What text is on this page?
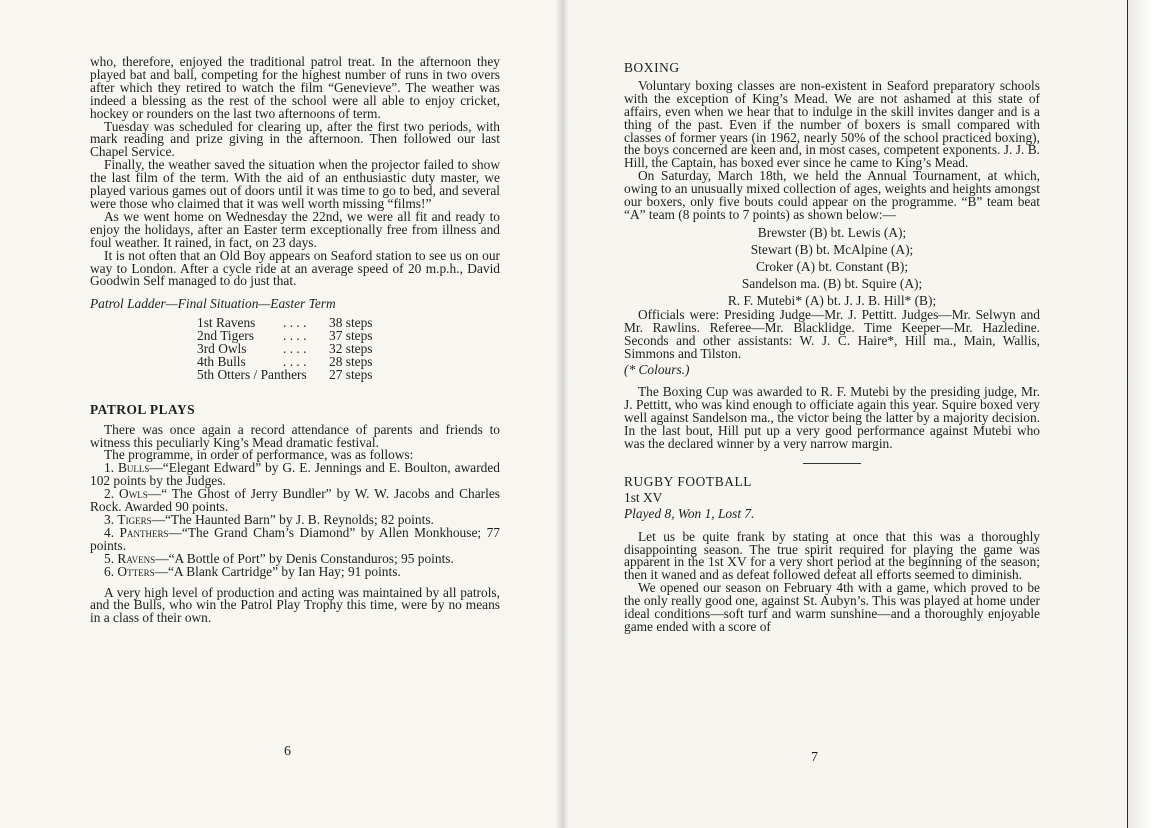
who, therefore, enjoyed the traditional patrol treat. In the afternoon they played bat and ball, competing for the highest number of runs in two overs after which they retired to watch the film “Genevieve”. The weather was indeed a blessing as the rest of the school were all able to enjoy cricket, hockey or rounders on the last two afternoons of term.

Tuesday was scheduled for clearing up, after the first two periods, with mark reading and prize giving in the afternoon. Then followed our last Chapel Service.

Finally, the weather saved the situation when the projector failed to show the last film of the term. With the aid of an enthusiastic duty master, we played various games out of doors until it was time to go to bed, and several were those who claimed that it was well worth missing “films!”

As we went home on Wednesday the 22nd, we were all fit and ready to enjoy the holidays, after an Easter term exceptionally free from illness and foul weather. It rained, in fact, on 23 days.

It is not often that an Old Boy appears on Seaford station to see us on our way to London. After a cycle ride at an average speed of 20 m.p.h., David Goodwin Self managed to do just that.

Patrol Ladder—Final Situation—Easter Term

1st Ravens	. . . .	38 steps
2nd Tigers	. . . .	37 steps
3rd Owls	. . . .	32 steps
4th Bulls	. . . .	28 steps
5th Otters / Panthers		27 steps

PATROL PLAYS

There was once again a record attendance of parents and friends to witness this peculiarly King’s Mead dramatic festival.

The programme, in order of performance, was as follows:

1. Bulls—“Elegant Edward” by G. E. Jennings and E. Boulton, awarded 102 points by the Judges.

2. Owls—“ The Ghost of Jerry Bundler” by W. W. Jacobs and Charles Rock. Awarded 90 points.

3. Tigers—“The Haunted Barn” by J. B. Reynolds; 82 points.

4. Panthers—“The Grand Cham’s Diamond” by Allen Monkhouse; 77 points.

5. Ravens—“A Bottle of Port” by Denis Constanduros; 95 points.

6. Otters—“A Blank Cartridge” by Ian Hay; 91 points.

A very high level of production and acting was maintained by all patrols, and the Bulls, who win the Patrol Play Trophy this time, were by no means in a class of their own.

6

BOXING

Voluntary boxing classes are non-existent in Seaford preparatory schools with the exception of King’s Mead. We are not ashamed at this state of affairs, even when we hear that to indulge in the skill invites danger and is a thing of the past. Even if the number of boxers is small compared with classes of former years (in 1962, nearly 50% of the school practiced boxing), the boys concerned are keen and, in most cases, competent exponents. J. J. B. Hill, the Captain, has boxed ever since he came to King’s Mead.

On Saturday, March 18th, we held the Annual Tournament, at which, owing to an unusually mixed collection of ages, weights and heights amongst our boxers, only five bouts could appear on the programme. “B” team beat “A” team (8 points to 7 points) as shown below:—

Brewster (B) bt. Lewis (A);
Stewart (B) bt. McAlpine (A);
Croker (A) bt. Constant (B);
Sandelson ma. (B) bt. Squire (A);
R. F. Mutebi* (A) bt. J. J. B. Hill* (B);

Officials were: Presiding Judge—Mr. J. Pettitt. Judges—Mr. Selwyn and Mr. Rawlins. Referee—Mr. Blacklidge. Time Keeper—Mr. Hazledine. Seconds and other assistants: W. J. C. Haire*, Hill ma., Main, Wallis, Simmons and Tilston.

(* Colours.)

The Boxing Cup was awarded to R. F. Mutebi by the presiding judge, Mr. J. Pettitt, who was kind enough to officiate again this year. Squire boxed very well against Sandelson ma., the victor being the latter by a majority decision. In the last bout, Hill put up a very good performance against Mutebi who was the declared winner by a very narrow margin.

RUGBY FOOTBALL

1st XV

Played 8, Won 1, Lost 7.

Let us be quite frank by stating at once that this was a thoroughly disappointing season. The true spirit required for playing the game was apparent in the 1st XV for a very short period at the beginning of the season; then it waned and as defeat followed defeat all efforts seemed to diminish.

We opened our season on February 4th with a game, which proved to be the only really good one, against St. Aubyn’s. This was played at home under ideal conditions—soft turf and warm sunshine—and a thoroughly enjoyable game ended with a score of

7
